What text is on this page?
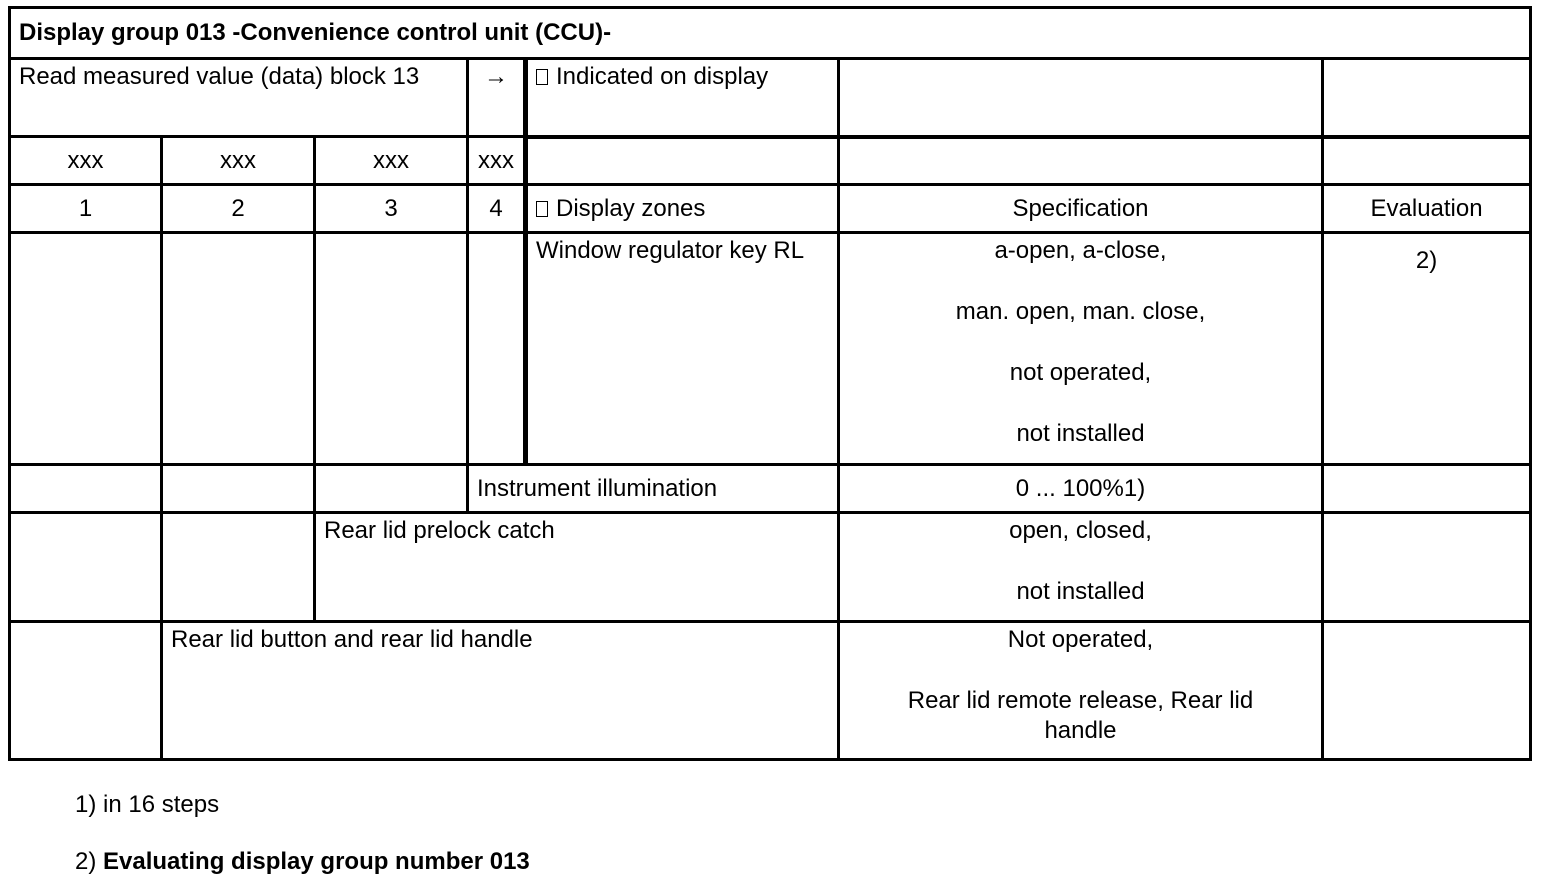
Display group 013 -Convenience control unit (CCU)-						
Read measured value (data) block 13			→	Indicated on display		
xxx	xxx	xxx	xxx			
1	2	3	4	Display zones	Specification	Evaluation
				Window regulator key RL	a-open, a-close,
man. open, man. close,
not operated,
not installed	2)
			Instrument illumination		0 ... 100%1)	
		Rear lid prelock catch			open, closed,
not installed	

	Rear lid button and rear lid handle				Not operated,
Rear lid remote release, Rear lid handle	

1) in 16 steps
2) Evaluating display group number 013
